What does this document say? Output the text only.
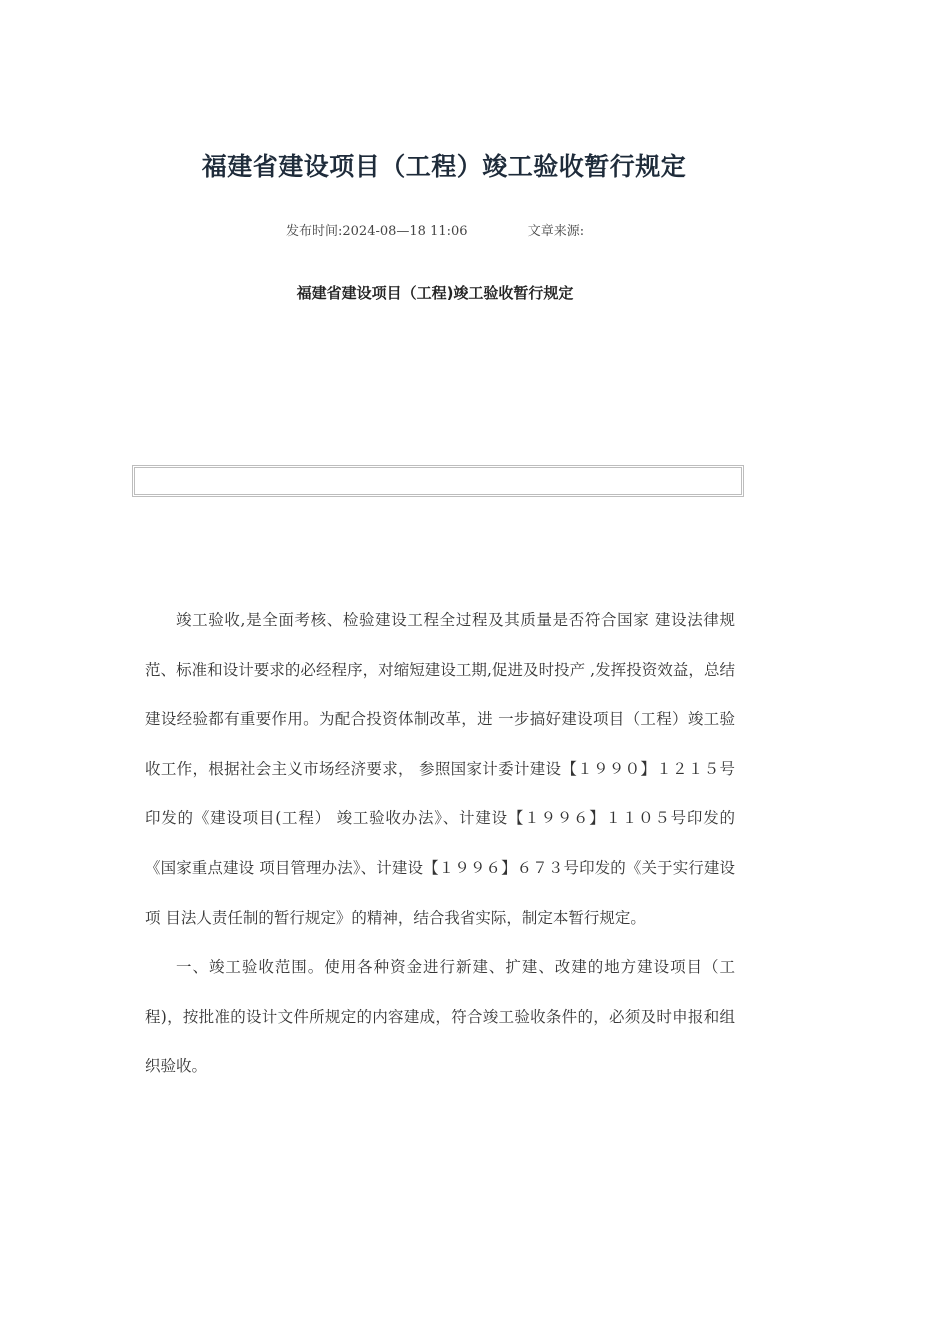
福建省建设项目（工程）竣工验收暂行规定
发布时间:2024-08—18 11:06	文章来源:
福建省建设项目（工程)竣工验收暂行规定

竣工验收,是全面考核、检验建设工程全过程及其质量是否符合国家 建设法律规范、标准和设计要求的必经程序，对缩短建设工期,促进及时投产 ,发挥投资效益，总结建设经验都有重要作用。为配合投资体制改革，进 一步搞好建设项目（工程）竣工验收工作，根据社会主义市场经济要求， 参照国家计委计建设【１９９０】１２１５号印发的《建设项目(工程） 竣工验收办法》、计建设【１９９６】１１０５号印发的《国家重点建设 项目管理办法》、计建设【１９９６】６７３号印发的《关于实行建设项 目法人责任制的暂行规定》的精神，结合我省实际，制定本暂行规定。

一、竣工验收范围。使用各种资金进行新建、扩建、改建的地方建设项目（工程)，按批准的设计文件所规定的内容建成，符合竣工验收条件的，必须及时申报和组织验收。
